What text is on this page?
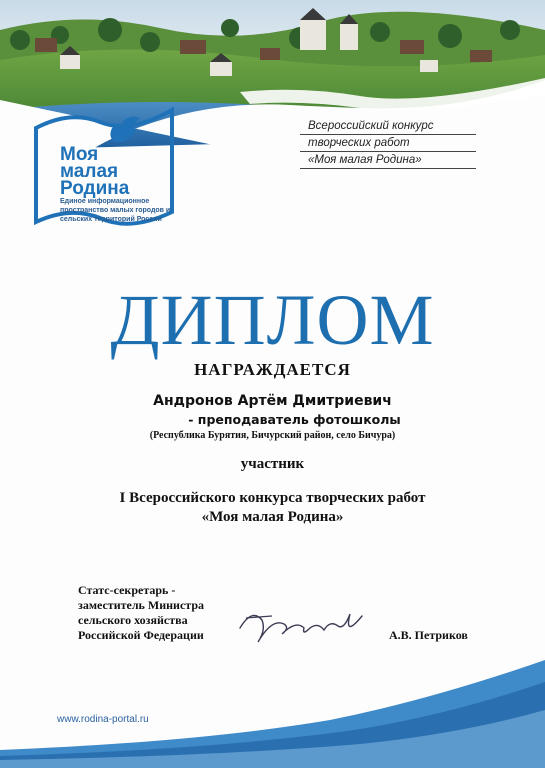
Моя
малая
Родина
Единое информационное пространство малых городов и сельских территорий России
Всероссийский конкурс
творческих работ
«Моя малая Родина»
ДИПЛОМ
НАГРАЖДАЕТСЯ
Андронов Артём Дмитриевич
- преподаватель фотошколы
(Республика Бурятия, Бичурский район, село Бичура)
участник
I Всероссийского конкурса творческих работ
«Моя малая Родина»
Статс-секретарь -
заместитель Министра
сельского хозяйства
Российской Федерации	А.В. Петриков
www.rodina-portal.ru
